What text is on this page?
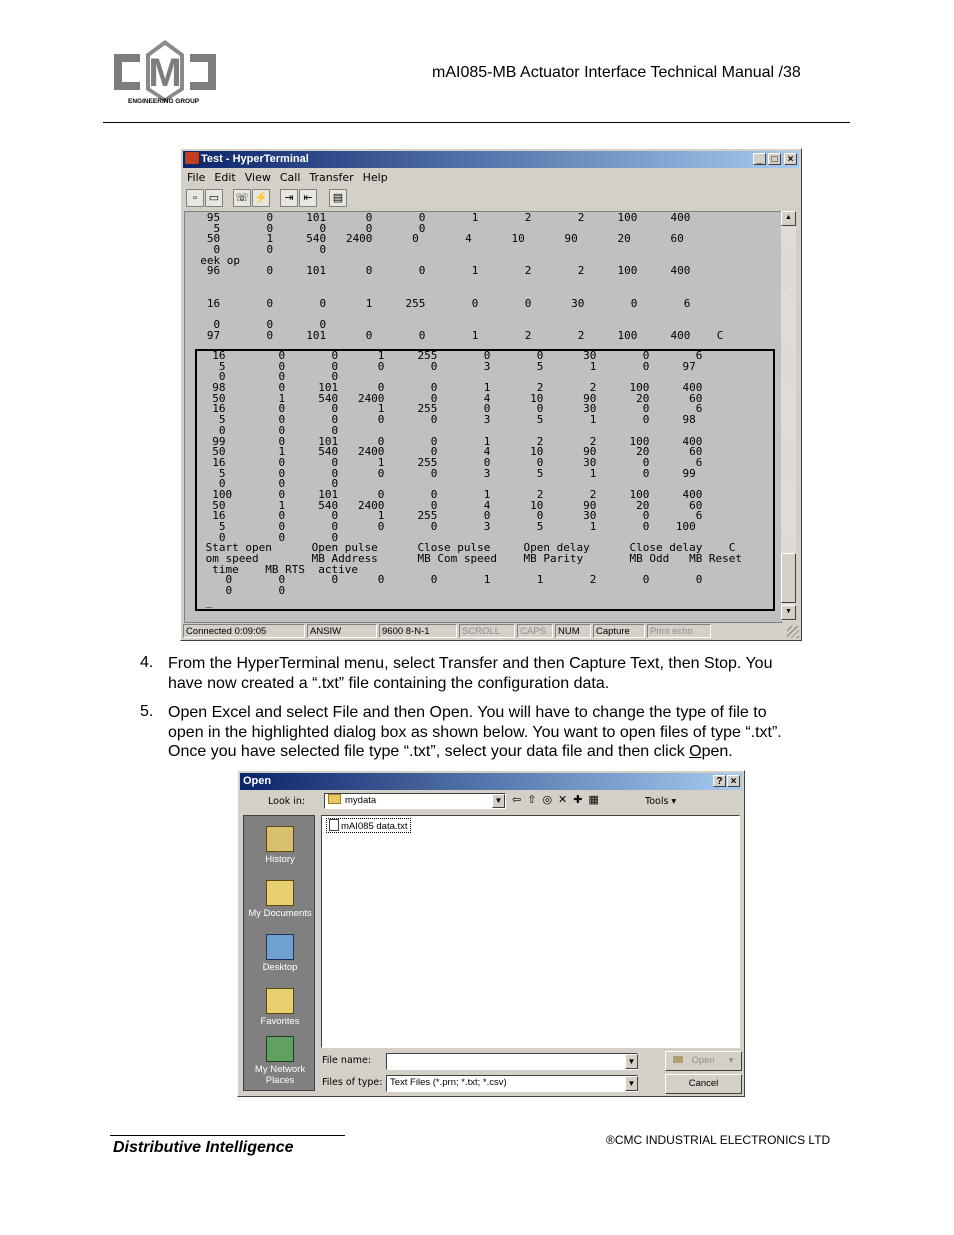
M
ENGINEERING GROUP
mAI085-MB Actuator Interface Technical Manual /38
Test - HyperTerminal	_ □	×
File Edit View Call Transfer Help
▫	▭	☏ ⚡	⇥ ⇤	▤
95       0     101      0       0       1       2       2     100     400
5       0       0      0       0
50       1     540   2400      0       4      10      90      20      60
0       0       0
eek op
96       0     101      0       0       1       2       2     100     400
16       0       0      1     255       0       0      30       0       6
0       0       0
97       0     101      0       0       1       2       2     100     400    C
16        0       0      1     255       0       0      30       0       6
5        0       0      0       0       3       5       1       0     97
0        0       0
98        0     101      0       0       1       2       2     100     400
50        1     540   2400       0       4      10      90      20      60
16        0       0      1     255       0       0      30       0       6
5        0       0      0       0       3       5       1       0     98
0        0       0
99        0     101      0       0       1       2       2     100     400
50        1     540   2400       0       4      10      90      20      60
16        0       0      1     255       0       0      30       0       6
5        0       0      0       0       3       5       1       0     99
0        0       0
100       0     101      0       0       1       2       2     100     400
50        1     540   2400       0       4      10      90      20      60
16        0       0      1     255       0       0      30       0       6
5        0       0      0       0       3       5       1       0    100
0        0       0
Start open      Open pulse      Close pulse     Open delay      Close delay    C
om speed        MB Address      MB Com speed    MB Parity       MB Odd   MB Reset
time    MB RTS  active
0       0       0      0       0       1       1       2       0       0
0       0
_
▲
▼
Connected 0:09:05	ANSIW	9600 8-N-1	SCROLL	CAPS	NUM	Capture	Print echo
4. From the HyperTerminal menu, select Transfer and then Capture Text, then Stop. You
have now created a “.txt” file containing the configuration data.
5. Open Excel and select File and then Open. You will have to change the type of file to
open in the highlighted dialog box as shown below. You want to open files of type “.txt”.
Once you have selected file type “.txt”, select your data file and then click Open.
Open	? ×
Look in:	mydata	▼ ⇦⇧◎✕✚▦	Tools ▾
History
My Documents
Desktop
Favorites
My Network Places
mAI085 data.txt
File name:	▼
Files of type: Text Files (*.prn; *.txt; *.csv)	▼
Open ▾
Cancel
Distributive Intelligence	®CMC INDUSTRIAL ELECTRONICS LTD
